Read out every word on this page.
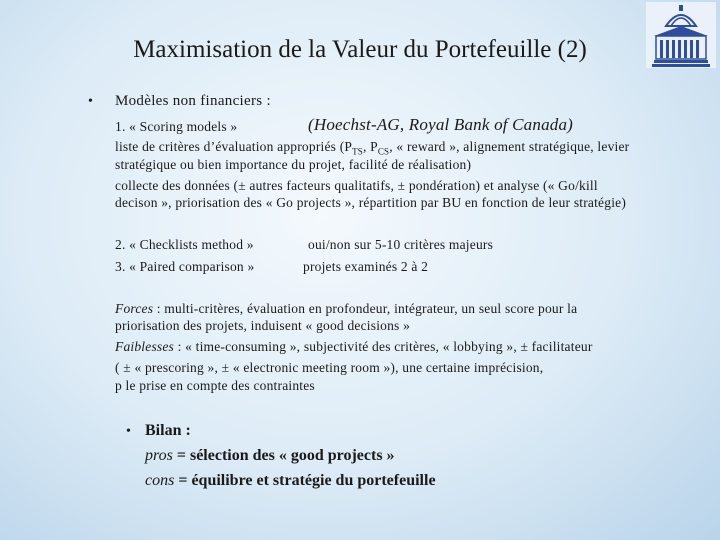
Maximisation de la Valeur du Portefeuille (2)
• Modèles non financiers :
1. « Scoring models »	(Hoechst-AG, Royal Bank of Canada)
liste de critères d’évaluation appropriés ($P_{TS}$, $P_{CS}$, « reward », alignement stratégique, levier
stratégique ou bien importance du projet, facilité de réalisation)
collecte des données (± autres facteurs qualitatifs, ± pondération) et analyse (« Go/kill
decison », priorisation des « Go projects », répartition par BU en fonction de leur stratégie)
2. « Checklists method »	oui/non sur 5-10 critères majeurs
3. « Paired comparison »	projets examinés 2 à 2
Forces : multi-critères, évaluation en profondeur, intégrateur, un seul score pour la
priorisation des projets, induisent « good decisions »
Faiblesses : « time-consuming », subjectivité des critères, « lobbying », ± facilitateur
( ± « prescoring », ± « electronic meeting room »), une certaine imprécision,
p le prise en compte des contraintes
• Bilan :
pros = sélection des « good projects »
cons = équilibre et stratégie du portefeuille
